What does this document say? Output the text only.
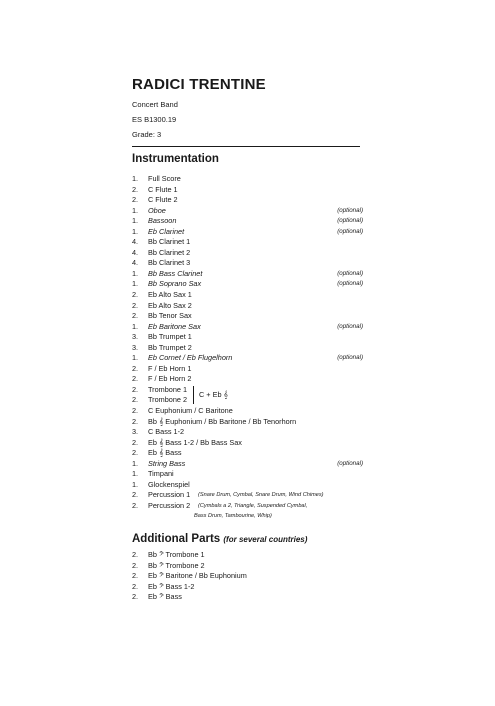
RADICI TRENTINE
Concert Band
ES B1300.19
Grade: 3
Instrumentation
1.	Full Score
2.	C Flute 1
2.	C Flute 2
1.	Oboe	(optional)
1.	Bassoon	(optional)
1.	Eb Clarinet	(optional)
4.	Bb Clarinet 1
4.	Bb Clarinet 2
4.	Bb Clarinet 3
1.	Bb Bass Clarinet	(optional)
1.	Bb Soprano Sax	(optional)
2.	Eb Alto Sax 1
2.	Eb Alto Sax 2
2.	Bb Tenor Sax
1.	Eb Baritone Sax	(optional)
3.	Bb Trumpet 1
3.	Bb Trumpet 2
1.	Eb Cornet / Eb Flugelhorn	(optional)
2.	F / Eb Horn 1
2.	F / Eb Horn 2
2.	Trombone 1
C + Eb 𝄞
2.	Trombone 2
2.	C Euphonium / C Baritone
2.	Bb 𝄞 Euphonium / Bb Baritone / Bb Tenorhorn
3.	C Bass 1-2
2.	Eb 𝄞 Bass 1-2 / Bb Bass Sax
2.	Eb 𝄞 Bass
1.	String Bass	(optional)
1.	Timpani
1.	Glockenspiel
2.	Percussion 1 (Snare Drum, Cymbal, Snare Drum, Wind Chimes)
2.	Percussion 2 (Cymbals a 2, Triangle, Suspended Cymbal,
Bass Drum, Tambourine, Whip)
Additional Parts (for several countries)
2.	Bb 𝄢 Trombone 1
2.	Bb 𝄢 Trombone 2
2.	Eb 𝄢 Baritone / Bb Euphonium
2.	Eb 𝄢 Bass 1-2
2.	Eb 𝄢 Bass
